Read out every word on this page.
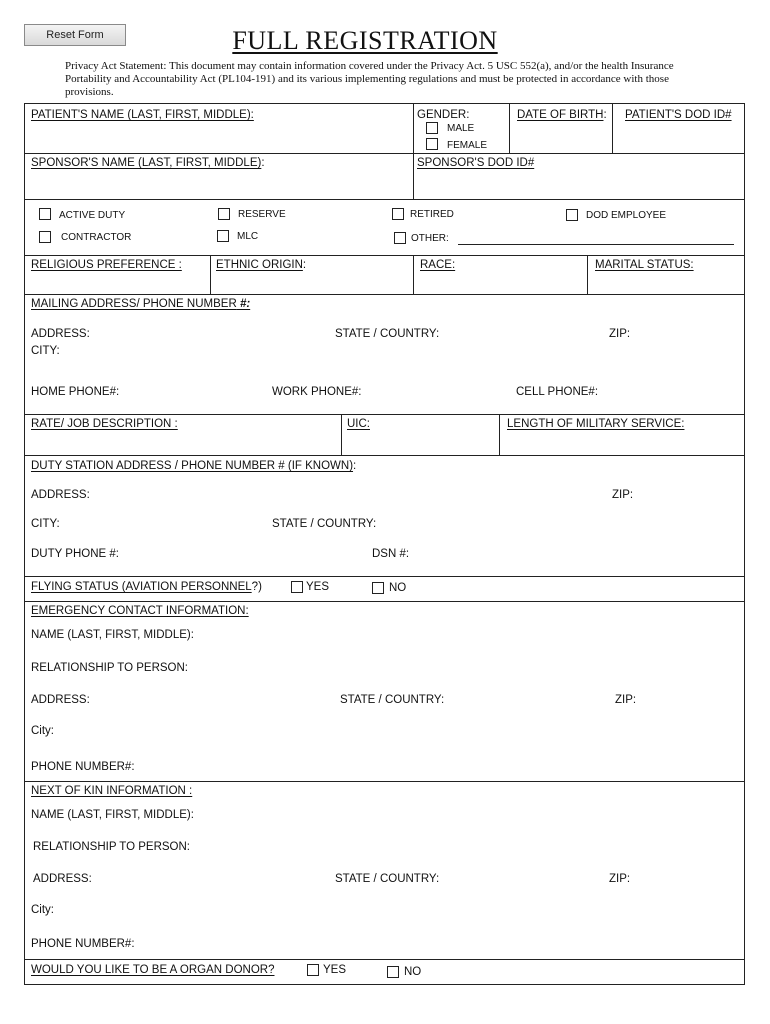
Reset Form	FULL REGISTRATION
Privacy Act Statement: This document may contain information covered under the Privacy Act. 5 USC 552(a), and/or the health Insurance Portability and Accountability Act (PL104-191) and its various implementing regulations and must be protected in accordance with those provisions.
PATIENT'S NAME (LAST, FIRST, MIDDLE):	GENDER:
MALE
FEMALE
DATE OF BIRTH: PATIENT'S DOD ID#
SPONSOR'S NAME (LAST, FIRST, MIDDLE):	SPONSOR'S DOD ID#
ACTIVE DUTY	RESERVE	RETIRED	DOD EMPLOYEE
CONTRACTOR	MLC	OTHER:
RELIGIOUS PREFERENCE :	ETHNIC ORIGIN:	RACE:	MARITAL STATUS:
MAILING ADDRESS/ PHONE NUMBER #:
ADDRESS:	STATE / COUNTRY:	ZIP:
CITY:
HOME PHONE#:	WORK PHONE#:	CELL PHONE#:
RATE/ JOB DESCRIPTION :	UIC:	LENGTH OF MILITARY SERVICE:
DUTY STATION ADDRESS / PHONE NUMBER # (IF KNOWN):
ADDRESS:	ZIP:
CITY:	STATE / COUNTRY:
DUTY PHONE #:	DSN #:
FLYING STATUS (AVIATION PERSONNEL?)	YES	NO
EMERGENCY CONTACT INFORMATION:
NAME (LAST, FIRST, MIDDLE):
RELATIONSHIP TO PERSON:
ADDRESS:	STATE / COUNTRY:	ZIP:
City:
PHONE NUMBER#:
NEXT OF KIN INFORMATION :
NAME (LAST, FIRST, MIDDLE):
RELATIONSHIP TO PERSON:
ADDRESS:	STATE / COUNTRY:	ZIP:
City:
PHONE NUMBER#:
WOULD YOU LIKE TO BE A ORGAN DONOR?	YES	NO
